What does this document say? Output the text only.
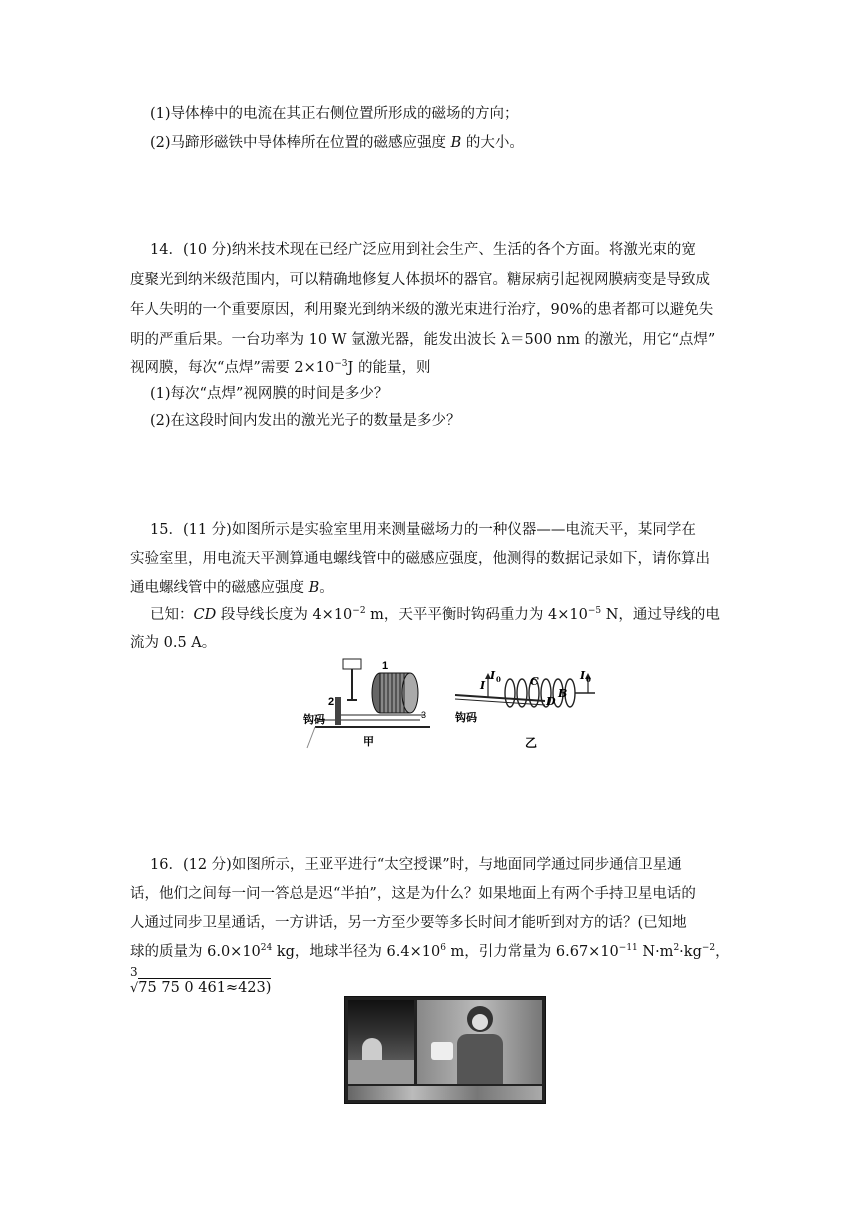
(1)导体棒中的电流在其正右侧位置所形成的磁场的方向；
(2)马蹄形磁铁中导体棒所在位置的磁感应强度 B 的大小。
14．(10 分)纳米技术现在已经广泛应用到社会生产、生活的各个方面。将激光束的宽
度聚光到纳米级范围内，可以精确地修复人体损坏的器官。糖尿病引起视网膜病变是导致成
年人失明的一个重要原因，利用聚光到纳米级的激光束进行治疗，90%的患者都可以避免失
明的严重后果。一台功率为 10 W 氩激光器，能发出波长 λ＝500 nm 的激光，用它“点焊”
视网膜，每次“点焊”需要 $2\times 10^{-3}J$ 的能量，则
(1)每次“点焊”视网膜的时间是多少？
(2)在这段时间内发出的激光光子的数量是多少？
15．(11 分)如图所示是实验室里用来测量磁场力的一种仪器——电流天平，某同学在
实验室里，用电流天平测算通电螺线管中的磁感应强度，他测得的数据记录如下，请你算出
通电螺线管中的磁感应强度 B。
已知：CD 段导线长度为 $4\times 10^{-2}$ m，天平平衡时钩码重力为 $4\times 10^{-5}$ N，通过导线的电
流为 0.5 A。
1
2
3
钩码
甲
I
I 0	C
B
D
I 0
钩码
乙
16．(12 分)如图所示，王亚平进行“太空授课”时，与地面同学通过同步通信卫星通
话，他们之间每一问一答总是迟“半拍”，这是为什么？如果地面上有两个手持卫星电话的
人通过同步卫星通话，一方讲话，另一方至少要等多长时间才能听到对方的话？(已知地
球的质量为 $6.0\times 10^{24}$ kg，地球半径为 $6.4\times 10^6$ m，引力常量为 $6.67\times 10^{-11}$ $N\cdot m^2\cdot kg^{-2}$，
3
√75 75 0 461≈423)
